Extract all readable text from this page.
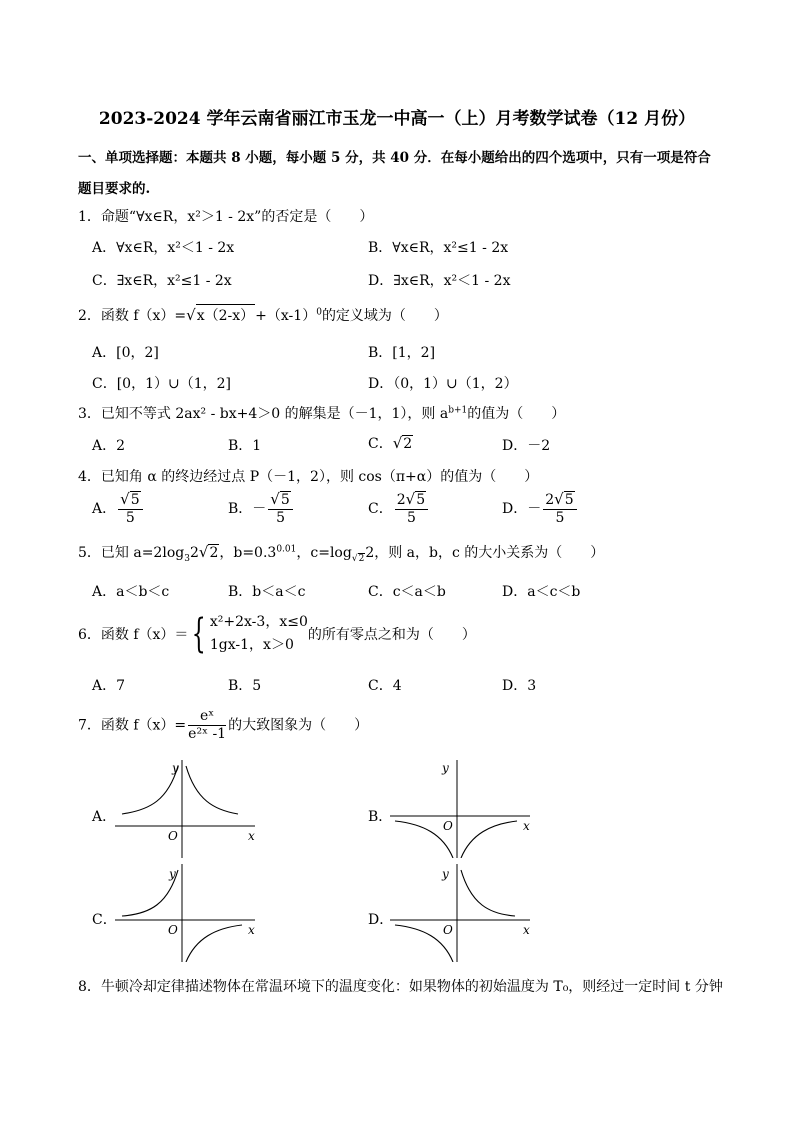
2023-2024 学年云南省丽江市玉龙一中高一（上）月考数学试卷（12 月份）
一、单项选择题：本题共 8 小题，每小题 5 分，共 40 分．在每小题给出的四个选项中，只有一项是符合
题目要求的.
1．命题“∀x∈R，x²＞1 - 2x”的否定是（　　）
A．∀x∈R，x²＜1 - 2x	B．∀x∈R，x²≤1 - 2x
C．∃x∈R，x²≤1 - 2x	D．∃x∈R，x²＜1 - 2x
2．函数 $f(x)=√x(2-x)+(x-1)^0$的定义域为（　　）
A．[0，2]	B．[1，2]
C．[0，1）∪（1，2]	D．（0，1）∪（1，2）
3．已知不等式 2ax² - bx+4＞0 的解集是（－1，1），则 $a^{b+1}$的值为（　　）
A．2	B．1	C．√2	D．－2
4．已知角 α 的终边经过点 P（－1，2），则 cos（π+α）的值为（　　）
A． $\frac{√5}{5}$	B．－ $\frac{√5}{5}$	C． $\frac{2√5}{5}$	D．－ $\frac{2√5}{5}$
5．已知 $a=2\log_32√2$，$b=0.3^{0.01}$，$c=\log_{√2}2$，则 a，b，c 的大小关系为（　　）
A．a＜b＜c	B．b＜a＜c	C．c＜a＜b	D．a＜c＜b
6．函数 f（x）＝{ x²+2x-3，x≤0
1gx-1，x＞0
的所有零点之和为（　　）
A．7	B．5	C．4	D．3
7．函数 $f(x)= \frac{\text{eˣ}}{\text{e²ˣ -1}}$ 的大致图象为（　　）
A．	B．
C．	D．
y
O	x
y
O	x
y
O	x
y
O	x
8．牛顿冷却定律描述物体在常温环境下的温度变化：如果物体的初始温度为 T₀，则经过一定时间 t 分钟
